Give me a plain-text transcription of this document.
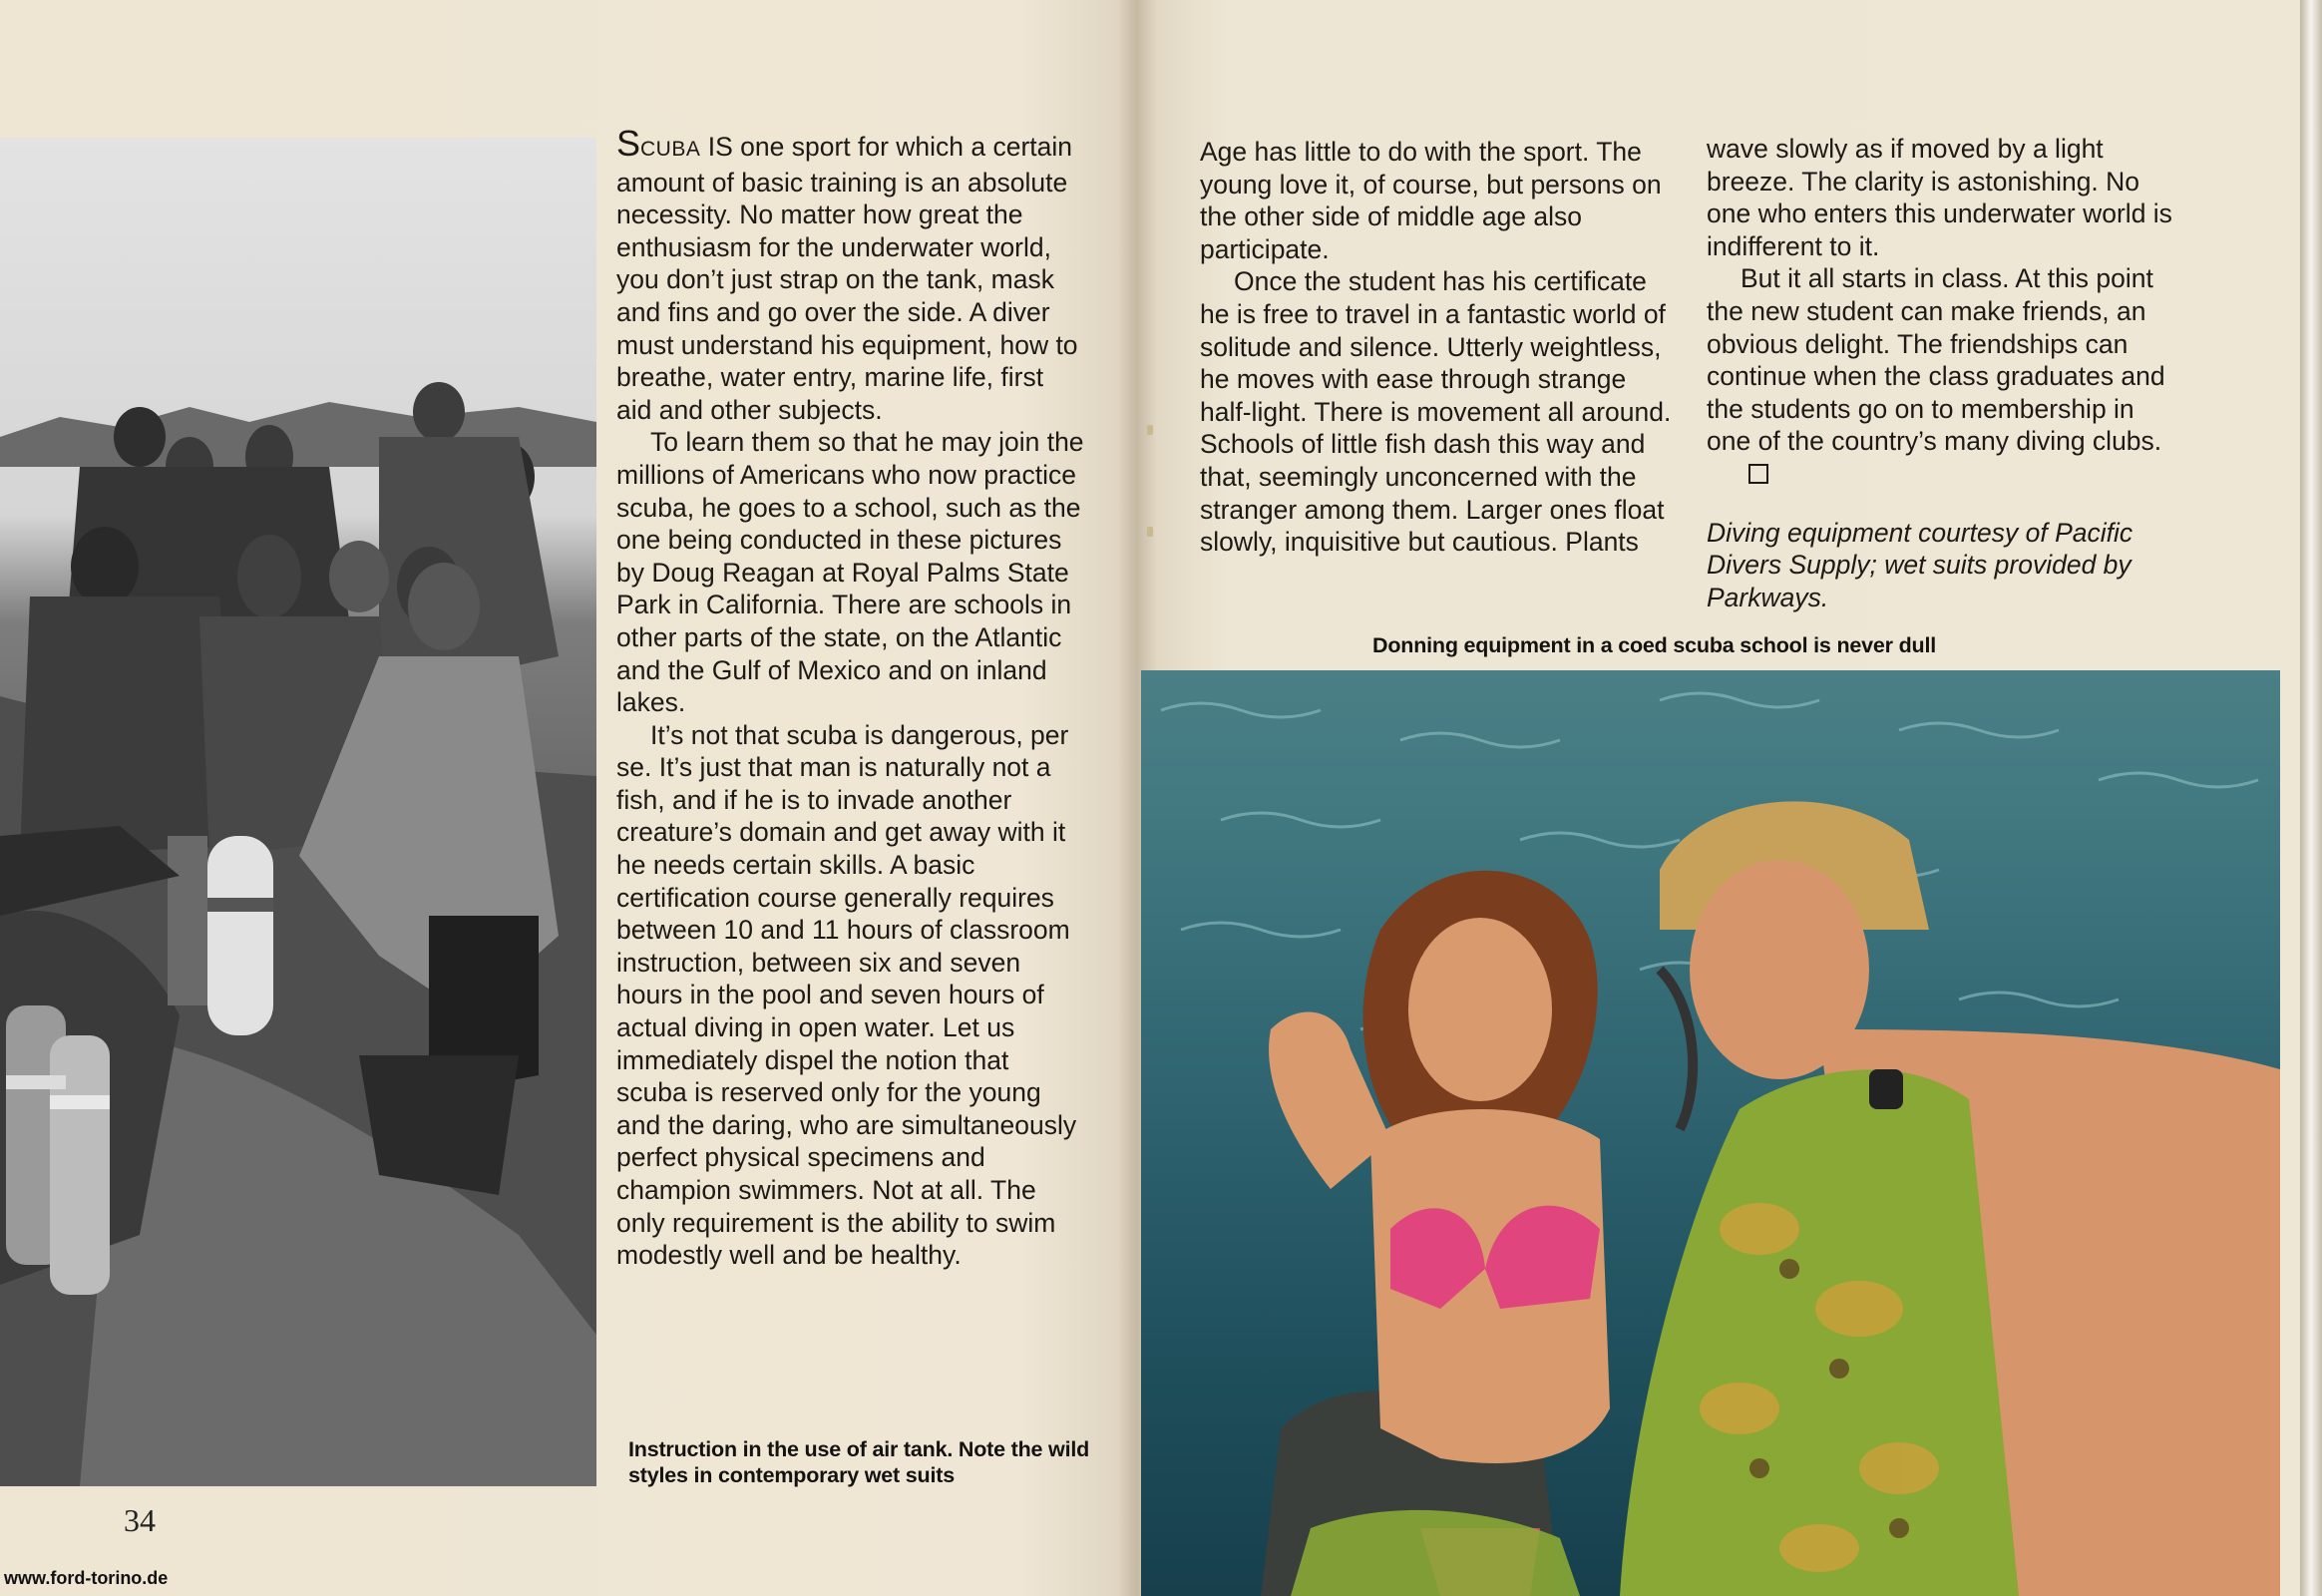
SCUBA IS one sport for which a certain amount of basic training is an absolute necessity. No matter how great the enthusiasm for the underwater world, you don’t just strap on the tank, mask and fins and go over the side. A diver must understand his equipment, how to breathe, water entry, marine life, first aid and other subjects.

To learn them so that he may join the millions of Americans who now practice scuba, he goes to a school, such as the one being conducted in these pictures by Doug Reagan at Royal Palms State Park in California. There are schools in other parts of the state, on the Atlantic and the Gulf of Mexico and on inland lakes.

It’s not that scuba is dangerous, per se. It’s just that man is naturally not a fish, and if he is to invade another creature’s domain and get away with it he needs certain skills. A basic certification course generally requires between 10 and 11 hours of classroom instruction, between six and seven hours in the pool and seven hours of actual diving in open water. Let us immediately dispel the notion that scuba is reserved only for the young and the daring, who are simultaneously perfect physical specimens and champion swimmers. Not at all. The only requirement is the ability to swim modestly well and be healthy.

Instruction in the use of air tank. Note the wild styles in contemporary wet suits
34
www.ford-torino.de

Age has little to do with the sport. The young love it, of course, but persons on the other side of middle age also participate.

Once the student has his certificate he is free to travel in a fantastic world of solitude and silence. Utterly weightless, he moves with ease through strange half-light. There is movement all around. Schools of little fish dash this way and that, seemingly unconcerned with the stranger among them. Larger ones float slowly, inquisitive but cautious. Plants

wave slowly as if moved by a light breeze. The clarity is astonishing. No one who enters this underwater world is indifferent to it.

But it all starts in class. At this point the new student can make friends, an obvious delight. The friendships can continue when the class graduates and the students go on to membership in one of the country’s many diving clubs.

Diving equipment courtesy of Pacific Divers Supply; wet suits provided by Parkways.

Donning equipment in a coed scuba school is never dull
